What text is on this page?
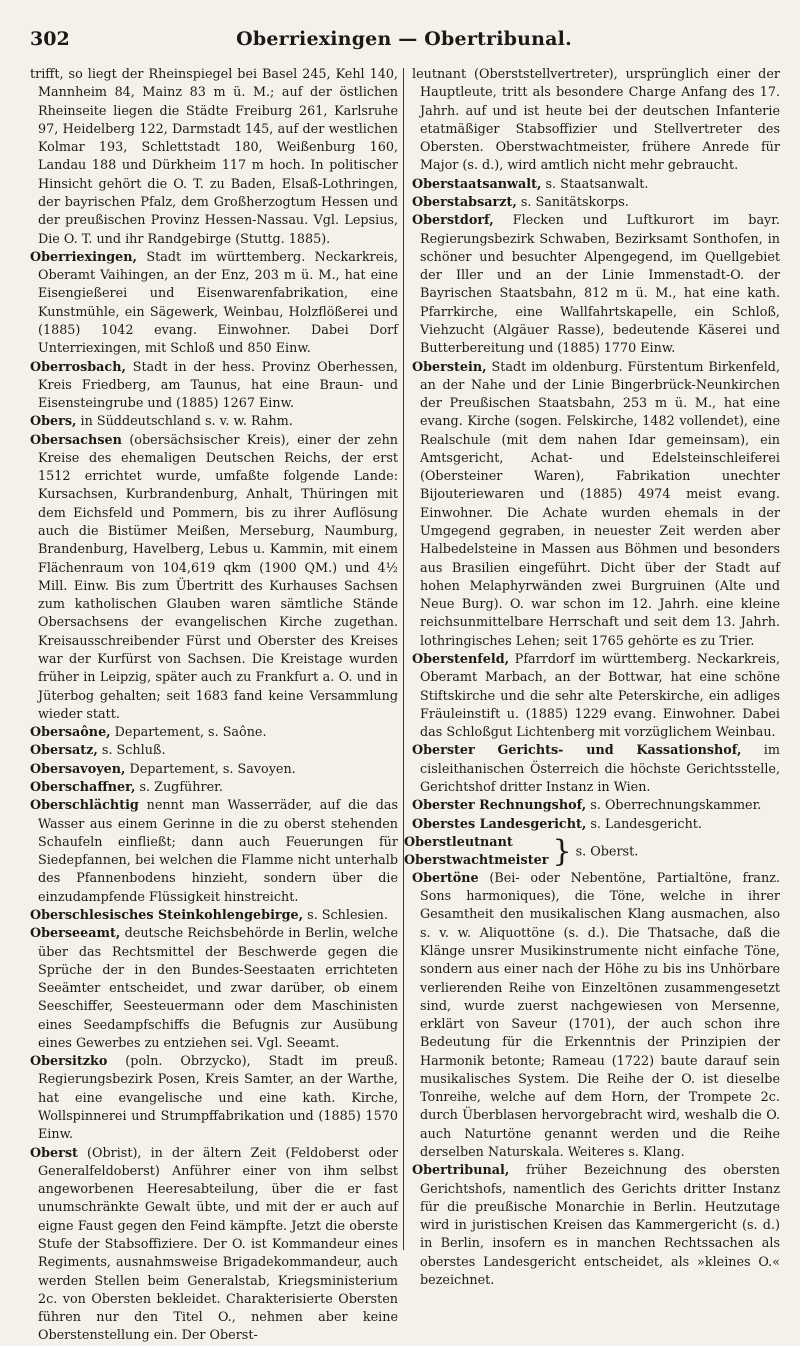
Oberriexingen — Obertribunal.
302

trifft, so liegt der Rheinspiegel bei Basel 245, Kehl 140, Mannheim 84, Mainz 83 m ü. M.; auf der östlichen Rheinseite liegen die Städte Freiburg 261, Karlsruhe 97, Heidelberg 122, Darmstadt 145, auf der westlichen Kolmar 193, Schlettstadt 180, Weißenburg 160, Landau 188 und Dürkheim 117 m hoch. In politischer Hinsicht gehört die O. T. zu Baden, Elsaß-Lothringen, der bayrischen Pfalz, dem Großherzogtum Hessen und der preußischen Provinz Hessen-Nassau. Vgl. Lepsius, Die O. T. und ihr Randgebirge (Stuttg. 1885).

Oberriexingen, Stadt im württemberg. Neckarkreis, Oberamt Vaihingen, an der Enz, 203 m ü. M., hat eine Eisengießerei und Eisenwarenfabrikation, eine Kunstmühle, ein Sägewerk, Weinbau, Holzflößerei und (1885) 1042 evang. Einwohner. Dabei Dorf Unterriexingen, mit Schloß und 850 Einw.

Oberrosbach, Stadt in der hess. Provinz Oberhessen, Kreis Friedberg, am Taunus, hat eine Braun- und Eisensteingrube und (1885) 1267 Einw.

Obers, in Süddeutschland s. v. w. Rahm.

Obersachsen (obersächsischer Kreis), einer der zehn Kreise des ehemaligen Deutschen Reichs, der erst 1512 errichtet wurde, umfaßte folgende Lande: Kursachsen, Kurbrandenburg, Anhalt, Thüringen mit dem Eichsfeld und Pommern, bis zu ihrer Auflösung auch die Bistümer Meißen, Merseburg, Naumburg, Brandenburg, Havelberg, Lebus u. Kammin, mit einem Flächenraum von 104,619 qkm (1900 QM.) und 4½ Mill. Einw. Bis zum Übertritt des Kurhauses Sachsen zum katholischen Glauben waren sämtliche Stände Obersachsens der evangelischen Kirche zugethan. Kreisausschreibender Fürst und Oberster des Kreises war der Kurfürst von Sachsen. Die Kreistage wurden früher in Leipzig, später auch zu Frankfurt a. O. und in Jüterbog gehalten; seit 1683 fand keine Versammlung wieder statt.

Obersaône, Departement, s. Saône.

Obersatz, s. Schluß.

Obersavoyen, Departement, s. Savoyen.

Oberschaffner, s. Zugführer.

Oberschlächtig nennt man Wasserräder, auf die das Wasser aus einem Gerinne in die zu oberst stehenden Schaufeln einfließt; dann auch Feuerungen für Siedepfannen, bei welchen die Flamme nicht unterhalb des Pfannenbodens hinzieht, sondern über die einzudampfende Flüssigkeit hinstreicht.

Oberschlesisches Steinkohlengebirge, s. Schlesien.

Oberseeamt, deutsche Reichsbehörde in Berlin, welche über das Rechtsmittel der Beschwerde gegen die Sprüche der in den Bundes-Seestaaten errichteten Seeämter entscheidet, und zwar darüber, ob einem Seeschiffer, Seesteuermann oder dem Maschinisten eines Seedampfschiffs die Befugnis zur Ausübung eines Gewerbes zu entziehen sei. Vgl. Seeamt.

Obersitzko (poln. Obrzycko), Stadt im preuß. Regierungsbezirk Posen, Kreis Samter, an der Warthe, hat eine evangelische und eine kath. Kirche, Wollspinnerei und Strumpffabrikation und (1885) 1570 Einw.

Oberst (Obrist), in der ältern Zeit (Feldoberst oder Generalfeldoberst) Anführer einer von ihm selbst angeworbenen Heeresabteilung, über die er fast unumschränkte Gewalt übte, und mit der er auch auf eigne Faust gegen den Feind kämpfte. Jetzt die oberste Stufe der Stabsoffiziere. Der O. ist Kommandeur eines Regiments, ausnahmsweise Brigadekommandeur, auch werden Stellen beim Generalstab, Kriegsministerium 2c. von Obersten bekleidet. Charakterisierte Obersten führen nur den Titel O., nehmen aber keine Oberstenstellung ein. Der Oberst-

leutnant (Oberststellvertreter), ursprünglich einer der Hauptleute, tritt als besondere Charge Anfang des 17. Jahrh. auf und ist heute bei der deutschen Infanterie etatmäßiger Stabsoffizier und Stellvertreter des Obersten. Oberstwachtmeister, frühere Anrede für Major (s. d.), wird amtlich nicht mehr gebraucht.

Oberstaatsanwalt, s. Staatsanwalt.

Oberstabsarzt, s. Sanitätskorps.

Oberstdorf, Flecken und Luftkurort im bayr. Regierungsbezirk Schwaben, Bezirksamt Sonthofen, in schöner und besuchter Alpengegend, im Quellgebiet der Iller und an der Linie Immenstadt-O. der Bayrischen Staatsbahn, 812 m ü. M., hat eine kath. Pfarrkirche, eine Wallfahrtskapelle, ein Schloß, Viehzucht (Algäuer Rasse), bedeutende Käserei und Butterbereitung und (1885) 1770 Einw.

Oberstein, Stadt im oldenburg. Fürstentum Birkenfeld, an der Nahe und der Linie Bingerbrück-Neunkirchen der Preußischen Staatsbahn, 253 m ü. M., hat eine evang. Kirche (sogen. Felskirche, 1482 vollendet), eine Realschule (mit dem nahen Idar gemeinsam), ein Amtsgericht, Achat- und Edelsteinschleiferei (Obersteiner Waren), Fabrikation unechter Bijouteriewaren und (1885) 4974 meist evang. Einwohner. Die Achate wurden ehemals in der Umgegend gegraben, in neuester Zeit werden aber Halbedelsteine in Massen aus Böhmen und besonders aus Brasilien eingeführt. Dicht über der Stadt auf hohen Melaphyrwänden zwei Burgruinen (Alte und Neue Burg). O. war schon im 12. Jahrh. eine kleine reichsunmittelbare Herrschaft und seit dem 13. Jahrh. lothringisches Lehen; seit 1765 gehörte es zu Trier.

Oberstenfeld, Pfarrdorf im württemberg. Neckarkreis, Oberamt Marbach, an der Bottwar, hat eine schöne Stiftskirche und die sehr alte Peterskirche, ein adliges Fräuleinstift u. (1885) 1229 evang. Einwohner. Dabei das Schloßgut Lichtenberg mit vorzüglichem Weinbau.

Oberster Gerichts- und Kassationshof, im cisleithanischen Österreich die höchste Gerichtsstelle, Gerichtshof dritter Instanz in Wien.

Oberster Rechnungshof, s. Oberrechnungskammer.

Oberstes Landesgericht, s. Landesgericht.

Oberstleutnant
Oberstwachtmeister } s. Oberst.

Obertöne (Bei- oder Nebentöne, Partialtöne, franz. Sons harmoniques), die Töne, welche in ihrer Gesamtheit den musikalischen Klang ausmachen, also s. v. w. Aliquottöne (s. d.). Die Thatsache, daß die Klänge unsrer Musikinstrumente nicht einfache Töne, sondern aus einer nach der Höhe zu bis ins Unhörbare verlierenden Reihe von Einzeltönen zusammengesetzt sind, wurde zuerst nachgewiesen von Mersenne, erklärt von Saveur (1701), der auch schon ihre Bedeutung für die Erkenntnis der Prinzipien der Harmonik betonte; Rameau (1722) baute darauf sein musikalisches System. Die Reihe der O. ist dieselbe Tonreihe, welche auf dem Horn, der Trompete 2c. durch Überblasen hervorgebracht wird, weshalb die O. auch Naturtöne genannt werden und die Reihe derselben Naturskala. Weiteres s. Klang.

Obertribunal, früher Bezeichnung des obersten Gerichtshofs, namentlich des Gerichts dritter Instanz für die preußische Monarchie in Berlin. Heutzutage wird in juristischen Kreisen das Kammergericht (s. d.) in Berlin, insofern es in manchen Rechtssachen als oberstes Landesgericht entscheidet, als »kleines O.« bezeichnet.
